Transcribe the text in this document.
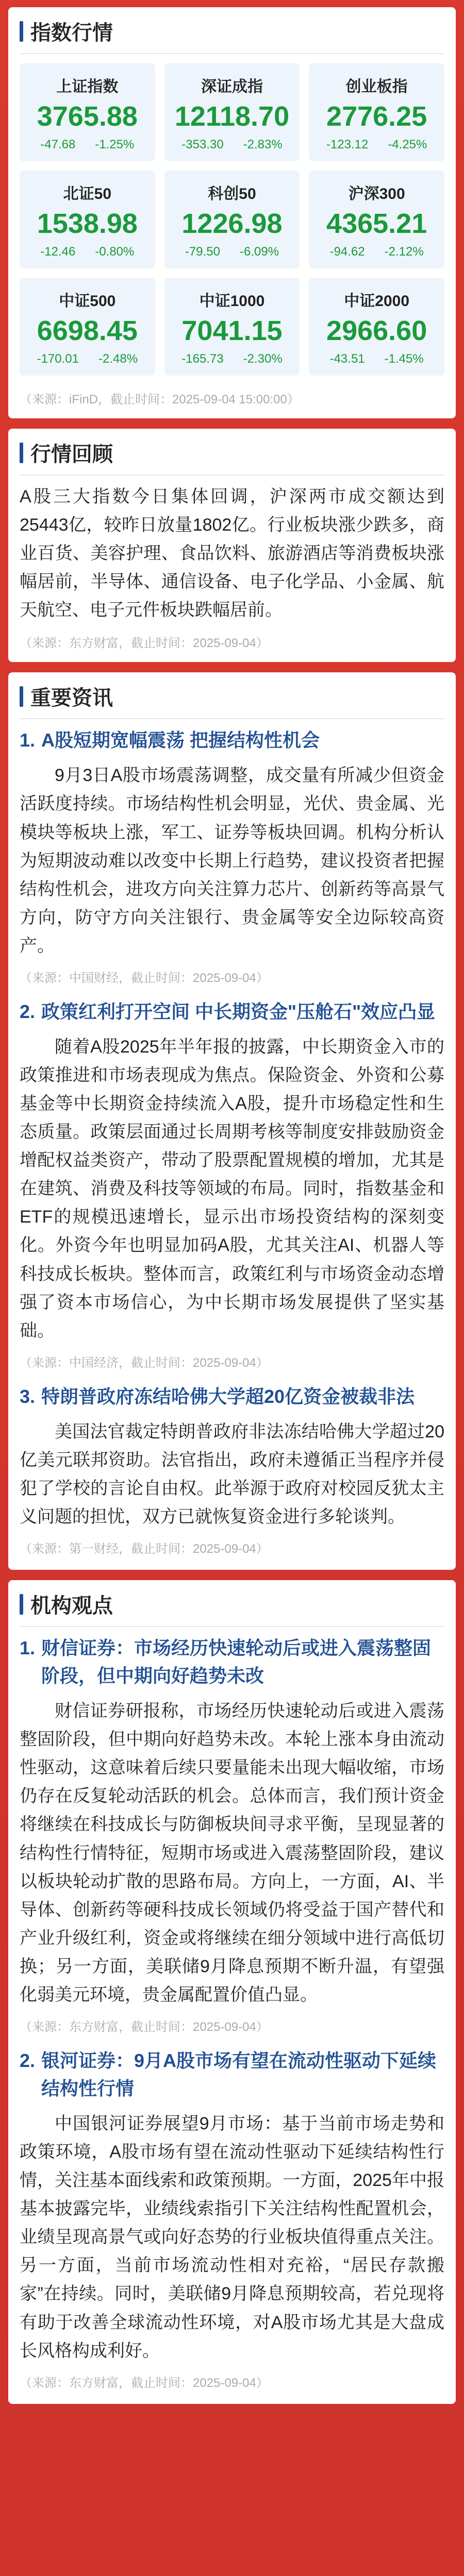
指数行情
上证指数
3765.88
-47.68 -1.25%
深证成指
12118.70
-353.30 -2.83%
创业板指
2776.25
-123.12 -4.25%
北证50
1538.98
-12.46 -0.80%
科创50
1226.98
-79.50 -6.09%
沪深300
4365.21
-94.62 -2.12%
中证500
6698.45
-170.01 -2.48%
中证1000
7041.15
-165.73 -2.30%
中证2000
2966.60
-43.51 -1.45%
（来源：iFinD，截止时间：2025-09-04 15:00:00）
行情回顾

A股三大指数今日集体回调，沪深两市成交额达到25443亿，较昨日放量1802亿。行业板块涨少跌多，商业百货、美容护理、食品饮料、旅游酒店等消费板块涨幅居前，半导体、通信设备、电子化学品、小金属、航天航空、电子元件板块跌幅居前。

（来源：东方财富，截止时间：2025-09-04）
重要资讯
1. A股短期宽幅震荡 把握结构性机会

9月3日A股市场震荡调整，成交量有所减少但资金活跃度持续。市场结构性机会明显，光伏、贵金属、光模块等板块上涨，军工、证券等板块回调。机构分析认为短期波动难以改变中长期上行趋势，建议投资者把握结构性机会，进攻方向关注算力芯片、创新药等高景气方向，防守方向关注银行、贵金属等安全边际较高资产。

（来源：中国财经，截止时间：2025-09-04）
2. 政策红利打开空间 中长期资金"压舱石"效应凸显

随着A股2025年半年报的披露，中长期资金入市的政策推进和市场表现成为焦点。保险资金、外资和公募基金等中长期资金持续流入A股，提升市场稳定性和生态质量。政策层面通过长周期考核等制度安排鼓励资金增配权益类资产，带动了股票配置规模的增加，尤其是在建筑、消费及科技等领域的布局。同时，指数基金和ETF的规模迅速增长，显示出市场投资结构的深刻变化。外资今年也明显加码A股，尤其关注AI、机器人等科技成长板块。整体而言，政策红利与市场资金动态增强了资本市场信心，为中长期市场发展提供了坚实基础。

（来源：中国经济，截止时间：2025-09-04）
3. 特朗普政府冻结哈佛大学超20亿资金被裁非法

美国法官裁定特朗普政府非法冻结哈佛大学超过20亿美元联邦资助。法官指出，政府未遵循正当程序并侵犯了学校的言论自由权。此举源于政府对校园反犹太主义问题的担忧，双方已就恢复资金进行多轮谈判。

（来源：第一财经，截止时间：2025-09-04）
机构观点
1. 财信证券：市场经历快速轮动后或进入震荡整固阶段，但中期向好趋势未改

财信证券研报称，市场经历快速轮动后或进入震荡整固阶段，但中期向好趋势未改。本轮上涨本身由流动性驱动，这意味着后续只要量能未出现大幅收缩，市场仍存在反复轮动活跃的机会。总体而言，我们预计资金将继续在科技成长与防御板块间寻求平衡，呈现显著的结构性行情特征，短期市场或进入震荡整固阶段，建议以板块轮动扩散的思路布局。方向上，一方面，AI、半导体、创新药等硬科技成长领域仍将受益于国产替代和产业升级红利，资金或将继续在细分领域中进行高低切换；另一方面，美联储9月降息预期不断升温，有望强化弱美元环境，贵金属配置价值凸显。

（来源：东方财富，截止时间：2025-09-04）
2. 银河证券：9月A股市场有望在流动性驱动下延续结构性行情

中国银河证券展望9月市场：基于当前市场走势和政策环境，A股市场有望在流动性驱动下延续结构性行情，关注基本面线索和政策预期。一方面，2025年中报基本披露完毕，业绩线索指引下关注结构性配置机会，业绩呈现高景气或向好态势的行业板块值得重点关注。另一方面，当前市场流动性相对充裕，“居民存款搬家”在持续。同时，美联储9月降息预期较高，若兑现将有助于改善全球流动性环境，对A股市场尤其是大盘成长风格构成利好。

（来源：东方财富，截止时间：2025-09-04）
